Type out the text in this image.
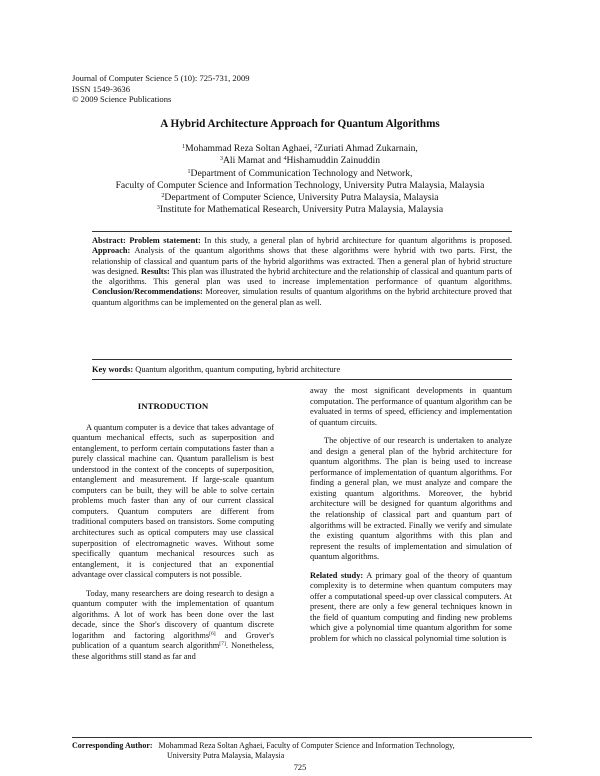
Journal of Computer Science 5 (10): 725-731, 2009
ISSN 1549-3636
© 2009 Science Publications
A Hybrid Architecture Approach for Quantum Algorithms
$^1$Mohammad Reza Soltan Aghaei, $^2$Zuriati Ahmad Zukarnain,
$^3$Ali Mamat and $^4$Hishamuddin Zainuddin
$^1$Department of Communication Technology and Network,
Faculty of Computer Science and Information Technology, University Putra Malaysia, Malaysia
$^2$Department of Computer Science, University Putra Malaysia, Malaysia
$^3$Institute for Mathematical Research, University Putra Malaysia, Malaysia
Abstract: Problem statement: In this study, a general plan of hybrid architecture for quantum algorithms is proposed. Approach: Analysis of the quantum algorithms shows that these algorithms were hybrid with two parts. First, the relationship of classical and quantum parts of the hybrid algorithms was extracted. Then a general plan of hybrid structure was designed. Results: This plan was illustrated the hybrid architecture and the relationship of classical and quantum parts of the algorithms. This general plan was used to increase implementation performance of quantum algorithms. Conclusion/Recommendations: Moreover, simulation results of quantum algorithms on the hybrid architecture proved that quantum algorithms can be implemented on the general plan as well.
Key words: Quantum algorithm, quantum computing, hybrid architecture

INTRODUCTION

A quantum computer is a device that takes advantage of quantum mechanical effects, such as superposition and entanglement, to perform certain computations faster than a purely classical machine can. Quantum parallelism is best understood in the context of the concepts of superposition, entanglement and measurement. If large-scale quantum computers can be built, they will be able to solve certain problems much faster than any of our current classical computers. Quantum computers are different from traditional computers based on transistors. Some computing architectures such as optical computers may use classical superposition of electromagnetic waves. Without some specifically quantum mechanical resources such as entanglement, it is conjectured that an exponential advantage over classical computers is not possible.

Today, many researchers are doing research to design a quantum computer with the implementation of quantum algorithms. A lot of work has been done over the last decade, since the Shor's discovery of quantum discrete logarithm and factoring algorithms[6] and Grover's publication of a quantum search algorithm[7]. Nonetheless, these algorithms still stand as far and

away the most significant developments in quantum computation. The performance of quantum algorithm can be evaluated in terms of speed, efficiency and implementation of quantum circuits.

The objective of our research is undertaken to analyze and design a general plan of the hybrid architecture for quantum algorithms. The plan is being used to increase performance of implementation of quantum algorithms. For finding a general plan, we must analyze and compare the existing quantum algorithms. Moreover, the hybrid architecture will be designed for quantum algorithms and the relationship of classical part and quantum part of algorithms will be extracted. Finally we verify and simulate the existing quantum algorithms with this plan and represent the results of implementation and simulation of quantum algorithms.

Related study: A primary goal of the theory of quantum complexity is to determine when quantum computers may offer a computational speed-up over classical computers. At present, there are only a few general techniques known in the field of quantum computing and finding new problems which give a polynomial time quantum algorithm for some problem for which no classical polynomial time solution is

Corresponding Author: Mohammad Reza Soltan Aghaei, Faculty of Computer Science and Information Technology,
University Putra Malaysia, Malaysia
725
